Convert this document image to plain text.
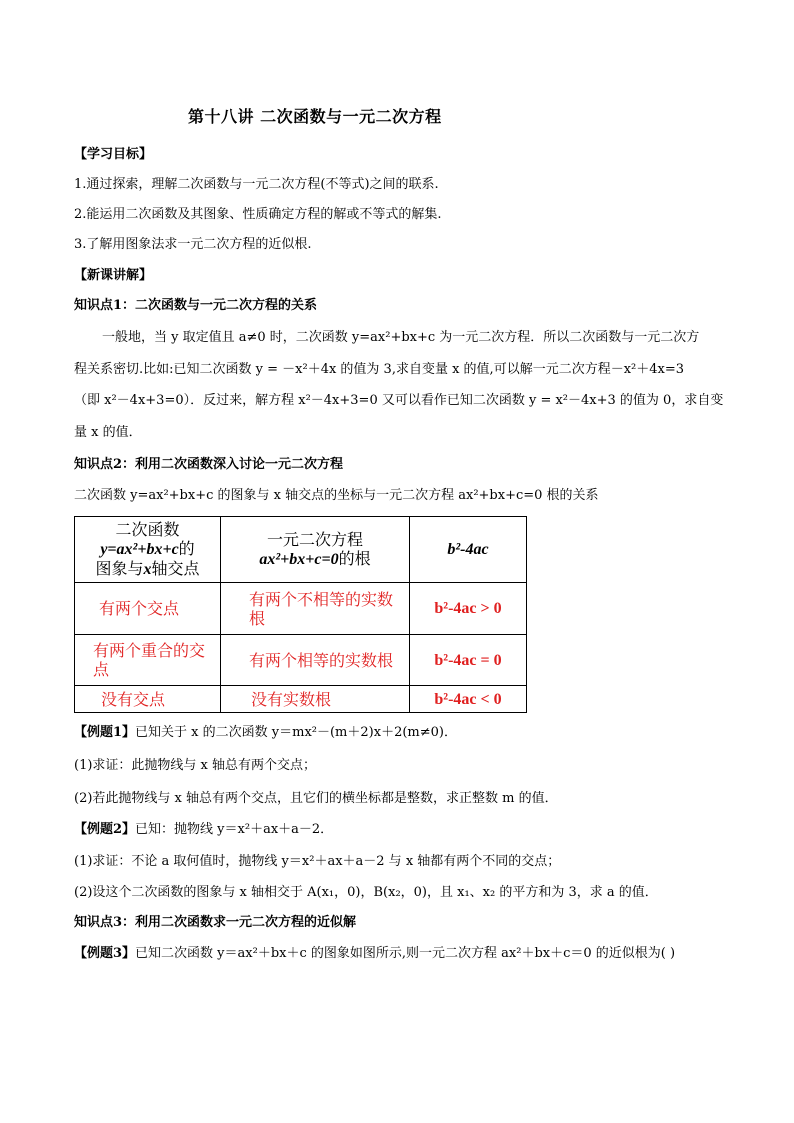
第十八讲 二次函数与一元二次方程
【学习目标】
1.通过探索，理解二次函数与一元二次方程(不等式)之间的联系.
2.能运用二次函数及其图象、性质确定方程的解或不等式的解集.
3.了解用图象法求一元二次方程的近似根.
【新课讲解】
知识点1：二次函数与一元二次方程的关系
一般地，当 y 取定值且 a≠0 时，二次函数 y=ax²+bx+c 为一元二次方程．所以二次函数与一元二次方
程关系密切.比如:已知二次函数 y = －x²＋4x 的值为 3,求自变量 x 的值,可以解一元二次方程－x²＋4x=3
（即 x²－4x+3=0）．反过来，解方程 x²－4x+3=0 又可以看作已知二次函数 y = x²－4x+3 的值为 0，求自变
量 x 的值．
知识点2：利用二次函数深入讨论一元二次方程
二次函数 y=ax²+bx+c 的图象与 x 轴交点的坐标与一元二次方程 ax²+bx+c=0 根的关系
二次函数
y=ax²+bx+c的
图象与x轴交点	一元二次方程
ax²+bx+c=0的根	b²-4ac
有两个交点	有两个不相等的实数根	b²-4ac > 0
有两个重合的交点	有两个相等的实数根	b²-4ac = 0
没有交点	没有实数根	b²-4ac < 0
【例题1】已知关于 x 的二次函数 y＝mx²－(m＋2)x＋2(m≠0)．
(1)求证：此抛物线与 x 轴总有两个交点；
(2)若此抛物线与 x 轴总有两个交点，且它们的横坐标都是整数，求正整数 m 的值．
【例题2】已知：抛物线 y＝x²＋ax＋a－2．
(1)求证：不论 a 取何值时，抛物线 y＝x²＋ax＋a－2 与 x 轴都有两个不同的交点；
(2)设这个二次函数的图象与 x 轴相交于 A(x₁，0)，B(x₂，0)，且 x₁、x₂ 的平方和为 3，求 a 的值．
知识点3：利用二次函数求一元二次方程的近似解
【例题3】已知二次函数 y＝ax²＋bx＋c 的图象如图所示,则一元二次方程 ax²＋bx＋c＝0 的近似根为( )
